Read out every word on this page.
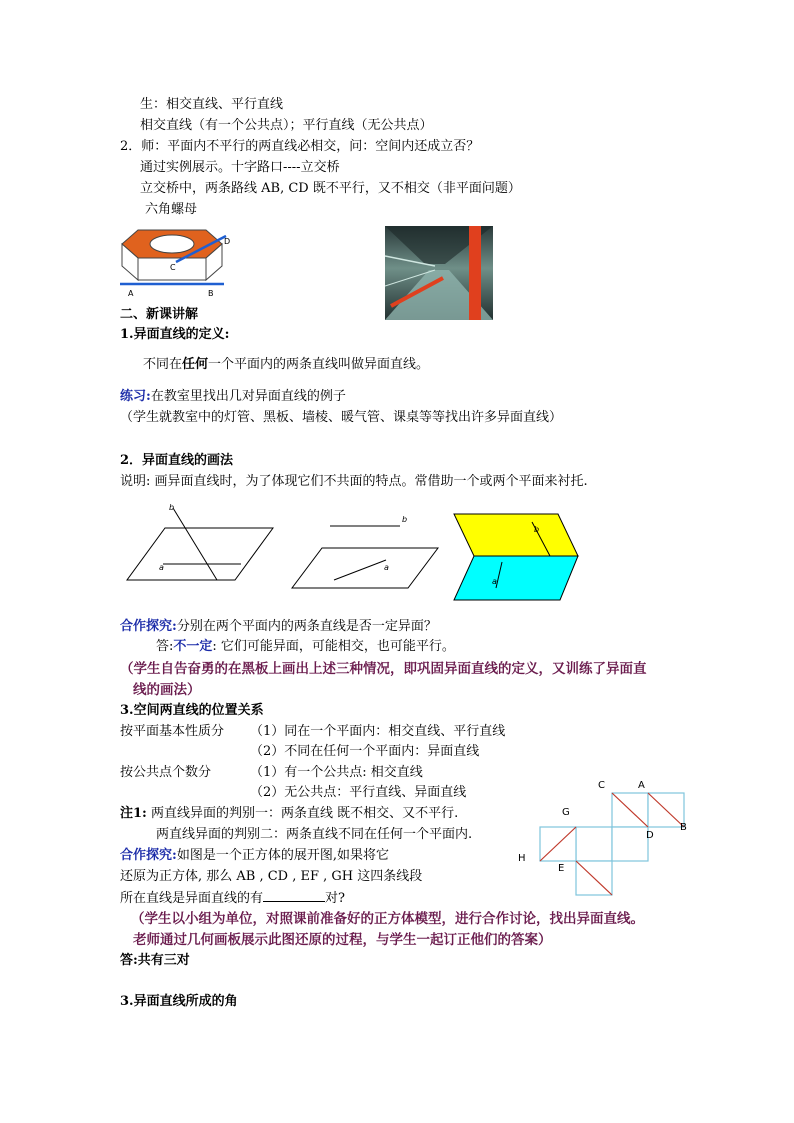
生：相交直线、平行直线
相交直线（有一个公共点）；平行直线（无公共点）
2．师：平面内不平行的两直线必相交，问：空间内还成立否？
通过实例展示。十字路口----立交桥
立交桥中，两条路线 AB, CD 既不平行，又不相交（非平面问题）
六角螺母
A	B
C
D
二、新课讲解
1.异面直线的定义:
不同在任何一个平面内的两条直线叫做异面直线。
练习:在教室里找出几对异面直线的例子
（学生就教室中的灯管、黑板、墙棱、暖气管、课桌等等找出许多异面直线）
2．异面直线的画法
说明: 画异面直线时，为了体现它们不共面的特点。常借助一个或两个平面来衬托.
b
a
b
a
b
a
合作探究:分别在两个平面内的两条直线是否一定异面？
答:不一定: 它们可能异面，可能相交，也可能平行。
（学生自告奋勇的在黑板上画出上述三种情况，即巩固异面直线的定义，又训练了异面直
线的画法）
3.空间两直线的位置关系
按平面基本性质分 （1）同在一个平面内：相交直线、平行直线
（2）不同在任何一个平面内：异面直线
按公共点个数分	（1）有一个公共点: 相交直线
（2）无公共点：平行直线、异面直线
注1: 两直线异面的判别一：两条直线 既不相交、又不平行.
两直线异面的判别二：两条直线不同在任何一个平面内.
合作探究:如图是一个正方体的展开图,如果将它
还原为正方体, 那么 AB , CD , EF , GH 这四条线段
所在直线是异面直线的有	对?
（学生以小组为单位，对照课前准备好的正方体模型，进行合作讨论，找出异面直线。
老师通过几何画板展示此图还原的过程，与学生一起订正他们的答案）
答:共有三对
C	A
G
D
B
H
E
3.异面直线所成的角
